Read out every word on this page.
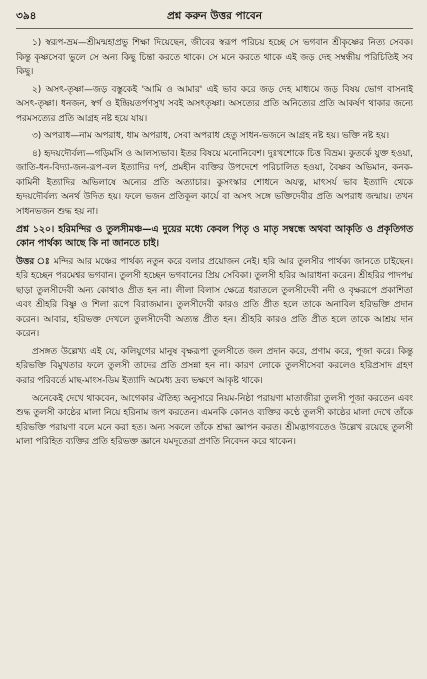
৩৯৪	প্রশ্ন করুন উত্তর পাবেন

১) স্বরূপ-ভ্রম—শ্রীমন্মহাপ্রভু শিক্ষা দিয়েছেন, জীবের স্বরূপ পরিচয় হচ্ছে সে ভগবান শ্রীকৃষ্ণের নিত্য সেবক। কিন্তু কৃষ্ণসেবা ভুলে সে অন্য কিছু চিন্তা করতে থাকে। সে মনে করতে থাকে এই জড় দেহ সম্বন্ধীয় পরিচিতিই সব কিছু।

২) অসৎ-তৃষ্ণা—জড় বস্তুকেই 'আমি ও আমার' এই ভাব করে জড় দেহ মাধ্যমে জড় বিষয় ভোগ বাসনাই অসৎ-তৃষ্ণা। ধনজন, স্বর্গ ও ইন্দ্রিয়তর্পণসুখ সবই অসৎতৃষ্ণা। অসত্যের প্রতি অনিত্যের প্রতি আকর্ষণ থাকার জন্যে পরমসত্যের প্রতি আগ্রহ নষ্ট হয়ে যায়।

৩) অপরাধ—নাম অপরাধ, ধাম অপরাধ, সেবা অপরাধ হেতু সাধন-ভজনে আগ্রহ নষ্ট হয়। ভক্তি নষ্ট হয়।

৪) হৃদয়দৌর্বল্য—গড়িমসি ও আলস্যভাব। ইতর বিষয়ে মনোনিবেশ। দুঃখশোকে চিত্ত বিভ্রম। কুতর্কে যুক্ত হওয়া, জাতি-ধন-বিদ্যা-জন-রূপ-বল ইত্যাদির দর্প, প্রমহীন ব্যক্তির উপদেশে পরিচালিত হওয়া, বৈষ্ণব অভিমান, কনক-কামিনী ইত্যাদির অভিলাষে অন্যের প্রতি অত্যাচার। কুসংস্কার শোধনে অযত্ন, মাৎসর্য ভাব ইত্যাদি থেকে হৃদয়দৌর্বল্য অনর্থ উদিত হয়। ফলে ভজন প্রতিকূল কার্যে বা অসৎ সঙ্গে ভক্তিদেবীর প্রতি অপরাধ জন্মায়। তখন সাধনভজন শুদ্ধ হয় না।

প্রশ্ন ১২০। হরিমন্দির ও তুলসীমঞ্চ—এ দুয়ের মধ্যে কেবল পিতৃ ও মাতৃ সম্বন্ধে অথবা আকৃতি ও প্রকৃতিগত কোন পার্থক্য আছে কি না জানতে চাই।

উত্তর ঃ মন্দির আর মঞ্চের পার্থক্য নতুন করে বলার প্রয়োজন নেই। হরি আর তুলসীর পার্থক্য জানতে চাইছেন। হরি হচ্ছেন পরমেশ্বর ভগবান। তুলসী হচ্ছেন ভগবানের প্রিয় সেবিকা। তুলসী হরির আরাধনা করেন। শ্রীহরির পাদপদ্ম ছাড়া তুলসীদেবী অন্য কোথাও প্রীত হন না। লীলা বিলাস ক্ষেত্রে ধরাতলে তুলসীদেবী নদী ও বৃক্ষরূপে প্রকাশিতা এবং শ্রীহরি বিষ্ণু ও শিলা রূপে বিরাজমান। তুলসীদেবী কারও প্রতি প্রীত হলে তাকে অনাবিল হরিভক্তি প্রদান করেন। আবার, হরিভক্ত দেখলে তুলসীদেবী অত্যন্ত প্রীত হন। শ্রীহরি কারও প্রতি প্রীত হলে তাকে আশ্রয় দান করেন।

প্রসঙ্গত উল্লেখ্য এই যে, কলিযুগের মানুষ বৃক্ষরূপা তুলসীতে জল প্রদান করে, প্রণাম করে, পূজা করে। কিন্তু হরিভক্তি বিমুখতার ফলে তুলসী তাদের প্রতি প্রসন্না হন না। কারণ লোকে তুলসীসেবা করলেও হরিপ্রসাদ গ্রহণ করার পরিবর্তে মাছ-মাংস-ডিম ইত্যাদি অমেধ্য দ্রব্য ভক্ষণে আকৃষ্ট থাকে।

অনেকেই দেখে থাকবেন, আগেকার ঐতিহ্য অনুসারে নিয়ম-নিষ্ঠা পরায়ণা মাতাজীরা তুলসী পূজা করতেন এবং শুদ্ধ তুলসী কাষ্ঠের মালা নিয়ে হরিনাম জপ করতেন। এমনকি কোনও ব্যক্তির কণ্ঠে তুলসী কাষ্ঠের মালা দেখে তাঁকে হরিভক্তি পরায়ণা বলে মনে করা হত। অন্য সকলে তাঁকে শ্রদ্ধা জ্ঞাপন করত। শ্রীমদ্ভাগবতেও উল্লেখ রয়েছে তুলসী মালা পরিহিত ব্যক্তির প্রতি হরিভক্ত জ্ঞানে যমদূতেরা প্রণতি নিবেদন করে থাকেন।
